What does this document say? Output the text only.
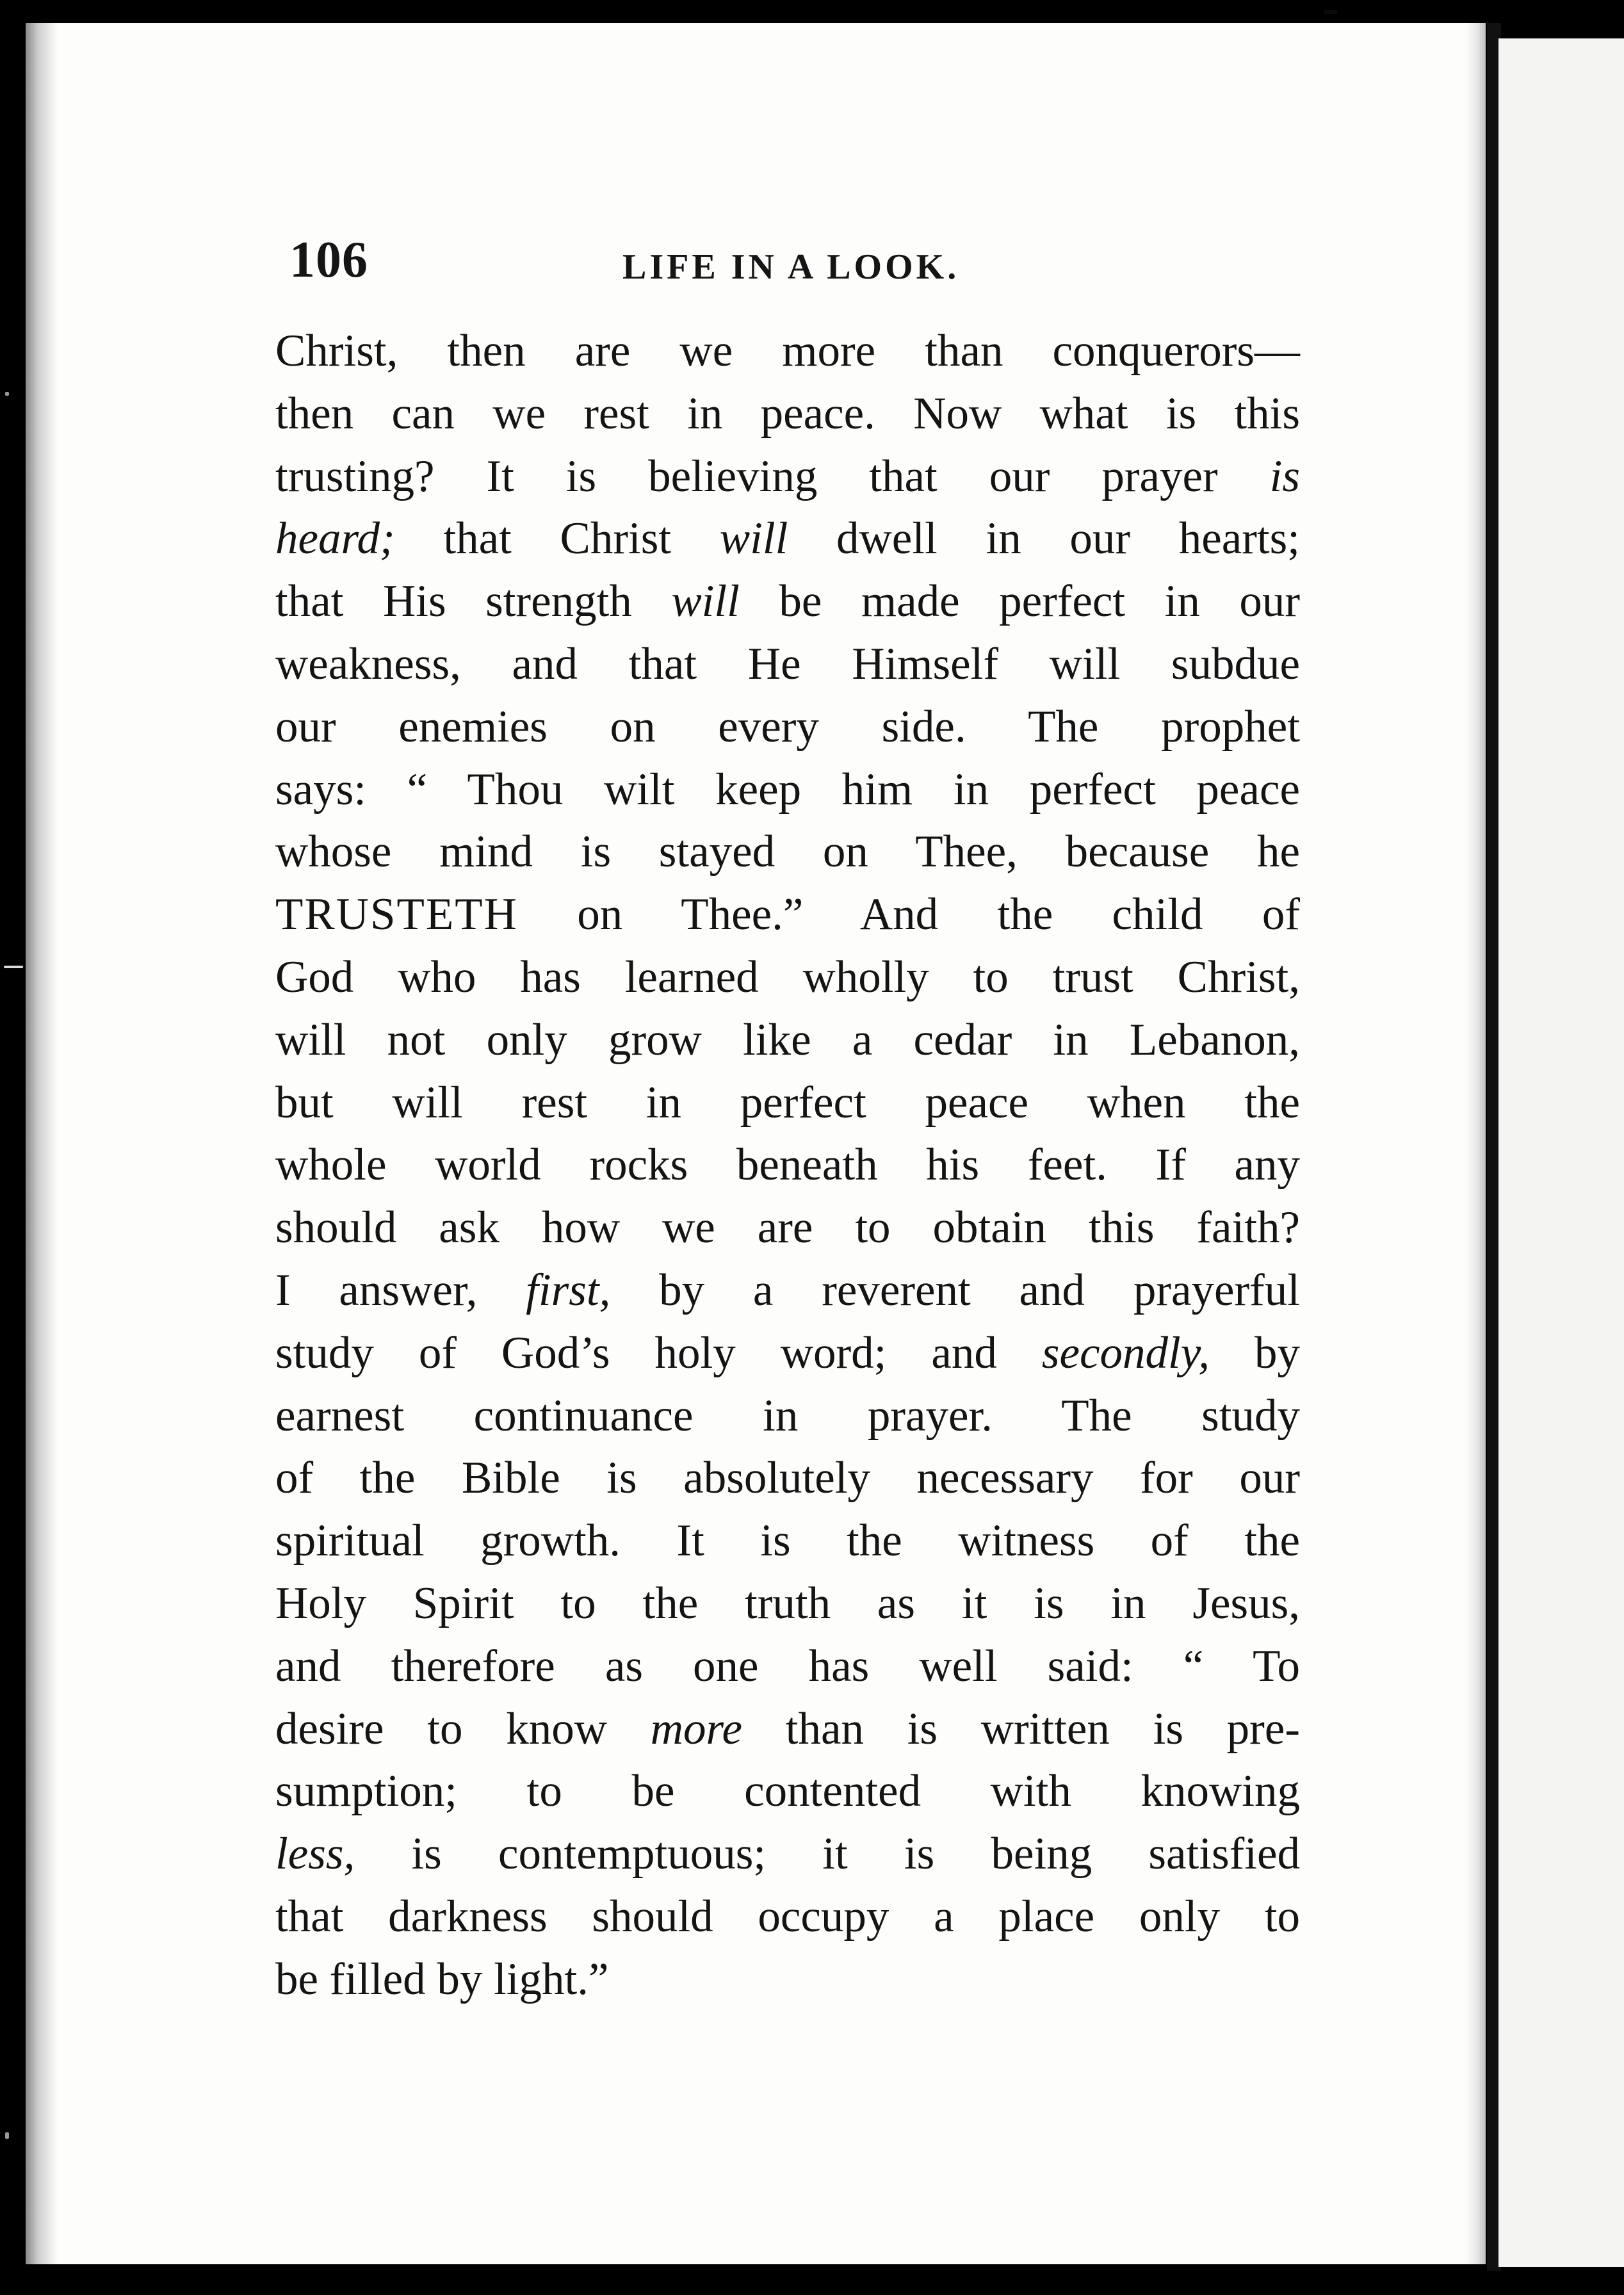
106	LIFE IN A LOOK.
Christ, then are we more than conquerors—
then can we rest in peace. Now what is this
trusting? It is believing that our prayer is
heard; that Christ will dwell in our hearts;
that His strength will be made perfect in our
weakness, and that He Himself will subdue
our enemies on every side. The prophet
says: “ Thou wilt keep him in perfect peace
whose mind is stayed on Thee, because he
TRUSTETH on Thee.” And the child of
God who has learned wholly to trust Christ,
will not only grow like a cedar in Lebanon,
but will rest in perfect peace when the
whole world rocks beneath his feet. If any
should ask how we are to obtain this faith?
I answer, first, by a reverent and prayerful
study of God’s holy word; and secondly, by
earnest continuance in prayer. The study
of the Bible is absolutely necessary for our
spiritual growth. It is the witness of the
Holy Spirit to the truth as it is in Jesus,
and therefore as one has well said: “ To
desire to know more than is written is pre-
sumption; to be contented with knowing
less, is contemptuous; it is being satisfied
that darkness should occupy a place only to
be filled by light.”
